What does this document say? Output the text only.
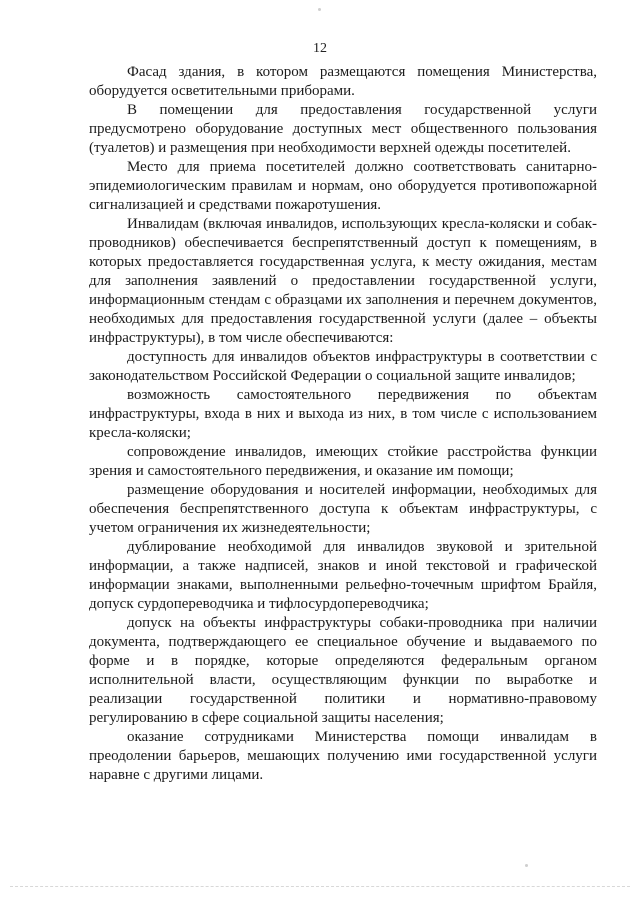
12

Фасад здания, в котором размещаются помещения Министерства, оборудуется осветительными приборами.

В помещении для предоставления государственной услуги предусмотрено оборудование доступных мест общественного пользования (туалетов) и размещения при необходимости верхней одежды посетителей.

Место для приема посетителей должно соответствовать санитарно-эпидемиологическим правилам и нормам, оно оборудуется противопожарной сигнализацией и средствами пожаротушения.

Инвалидам (включая инвалидов, использующих кресла-коляски и собак-проводников) обеспечивается беспрепятственный доступ к помещениям, в которых предоставляется государственная услуга, к месту ожидания, местам для заполнения заявлений о предоставлении государственной услуги, информационным стендам с образцами их заполнения и перечнем документов, необходимых для предоставления государственной услуги (далее – объекты инфраструктуры), в том числе обеспечиваются:

доступность для инвалидов объектов инфраструктуры в соответствии с законодательством Российской Федерации о социальной защите инвалидов;

возможность самостоятельного передвижения по объектам инфраструктуры, входа в них и выхода из них, в том числе с использованием кресла-коляски;

сопровождение инвалидов, имеющих стойкие расстройства функции зрения и самостоятельного передвижения, и оказание им помощи;

размещение оборудования и носителей информации, необходимых для обеспечения беспрепятственного доступа к объектам инфраструктуры, с учетом ограничения их жизнедеятельности;

дублирование необходимой для инвалидов звуковой и зрительной информации, а также надписей, знаков и иной текстовой и графической информации знаками, выполненными рельефно-точечным шрифтом Брайля, допуск сурдопереводчика и тифлосурдопереводчика;

допуск на объекты инфраструктуры собаки-проводника при наличии документа, подтверждающего ее специальное обучение и выдаваемого по форме и в порядке, которые определяются федеральным органом исполнительной власти, осуществляющим функции по выработке и реализации государственной политики и нормативно-правовому регулированию в сфере социальной защиты населения;

оказание сотрудниками Министерства помощи инвалидам в преодолении барьеров, мешающих получению ими государственной услуги наравне с другими лицами.
